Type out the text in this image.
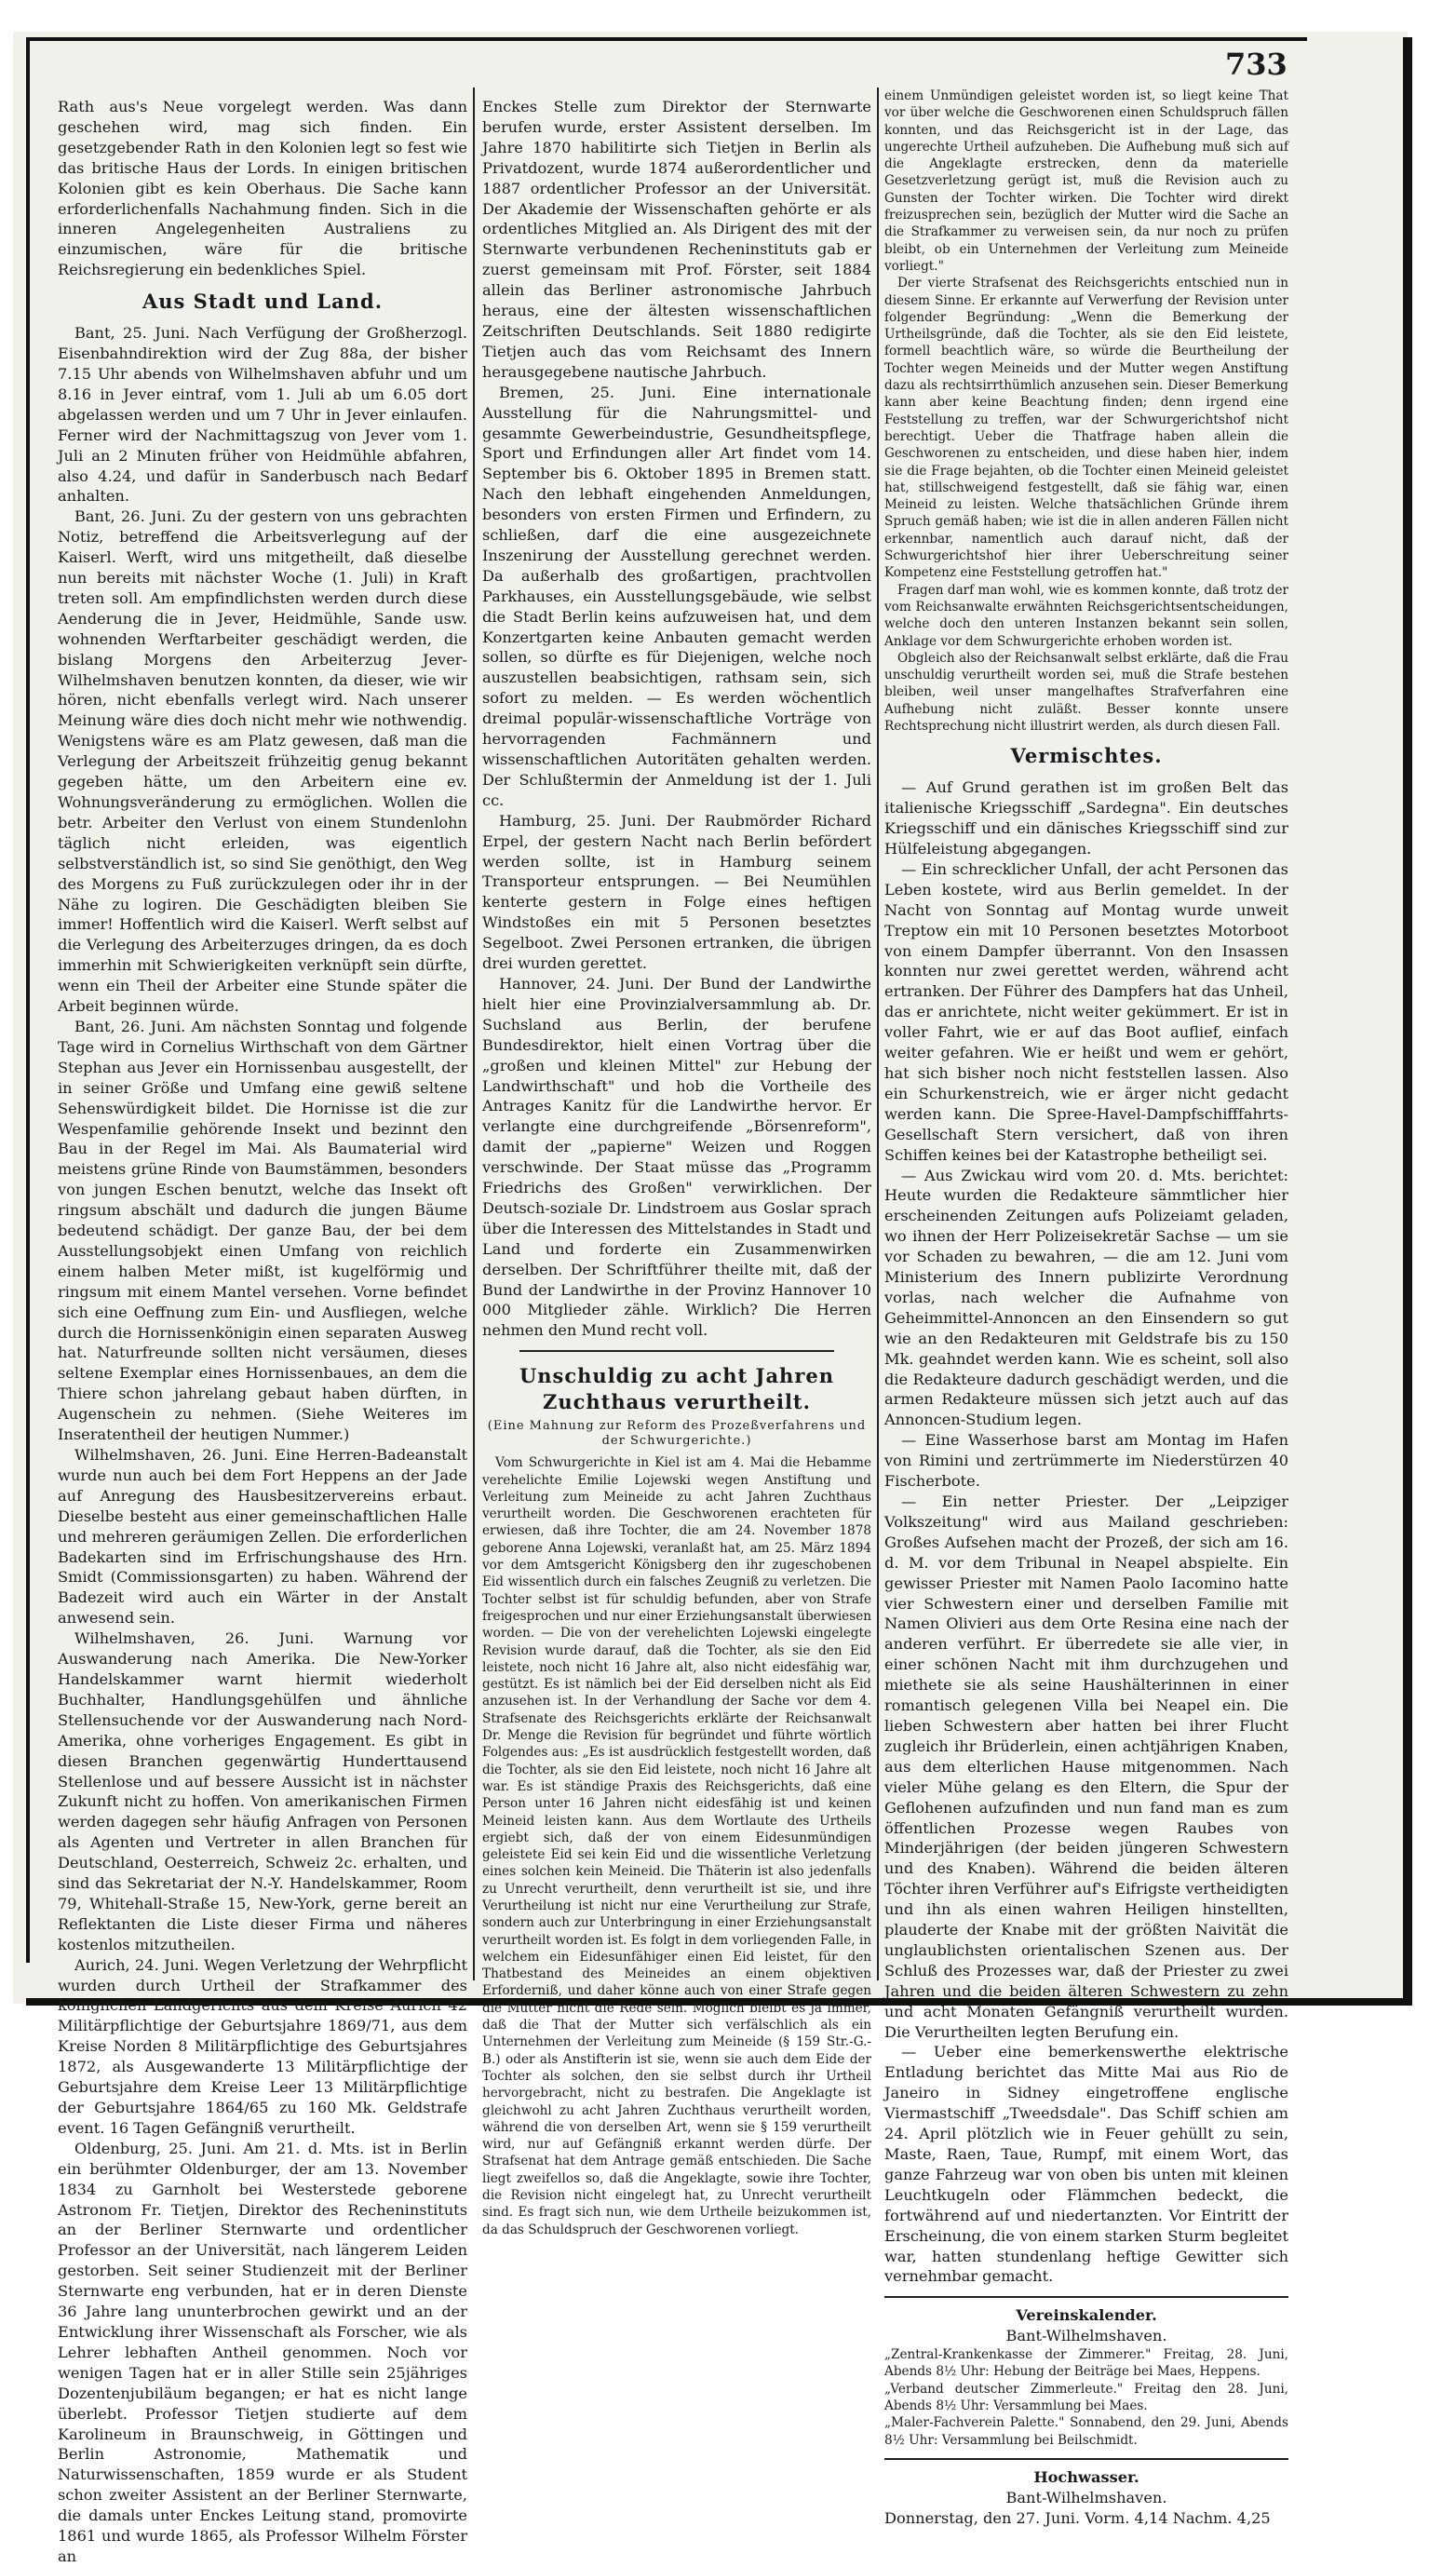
733

Rath aus's Neue vorgelegt werden. Was dann geschehen wird, mag sich finden. Ein gesetzgebender Rath in den Kolonien legt so fest wie das britische Haus der Lords. In einigen britischen Kolonien gibt es kein Oberhaus. Die Sache kann erforderlichenfalls Nachahmung finden. Sich in die inneren Angelegenheiten Australiens zu einzumischen, wäre für die britische Reichsregierung ein bedenkliches Spiel.

Aus Stadt und Land.

Bant, 25. Juni. Nach Verfügung der Großherzogl. Eisenbahndirektion wird der Zug 88a, der bisher 7.15 Uhr abends von Wilhelmshaven abfuhr und um 8.16 in Jever eintraf, vom 1. Juli ab um 6.05 dort abgelassen werden und um 7 Uhr in Jever einlaufen. Ferner wird der Nachmittagszug von Jever vom 1. Juli an 2 Minuten früher von Heidmühle abfahren, also 4.24, und dafür in Sanderbusch nach Bedarf anhalten.

Bant, 26. Juni. Zu der gestern von uns gebrachten Notiz, betreffend die Arbeitsverlegung auf der Kaiserl. Werft, wird uns mitgetheilt, daß dieselbe nun bereits mit nächster Woche (1. Juli) in Kraft treten soll. Am empfindlichsten werden durch diese Aenderung die in Jever, Heidmühle, Sande usw. wohnenden Werftarbeiter geschädigt werden, die bislang Morgens den Arbeiterzug Jever-Wilhelmshaven benutzen konnten, da dieser, wie wir hören, nicht ebenfalls verlegt wird. Nach unserer Meinung wäre dies doch nicht mehr wie nothwendig. Wenigstens wäre es am Platz gewesen, daß man die Verlegung der Arbeitszeit frühzeitig genug bekannt gegeben hätte, um den Arbeitern eine ev. Wohnungsveränderung zu ermöglichen. Wollen die betr. Arbeiter den Verlust von einem Stundenlohn täglich nicht erleiden, was eigentlich selbstverständlich ist, so sind Sie genöthigt, den Weg des Morgens zu Fuß zurückzulegen oder ihr in der Nähe zu logiren. Die Geschädigten bleiben Sie immer! Hoffentlich wird die Kaiserl. Werft selbst auf die Verlegung des Arbeiterzuges dringen, da es doch immerhin mit Schwierigkeiten verknüpft sein dürfte, wenn ein Theil der Arbeiter eine Stunde später die Arbeit beginnen würde.

Bant, 26. Juni. Am nächsten Sonntag und folgende Tage wird in Cornelius Wirthschaft von dem Gärtner Stephan aus Jever ein Hornissenbau ausgestellt, der in seiner Größe und Umfang eine gewiß seltene Sehenswürdigkeit bildet. Die Hornisse ist die zur Wespenfamilie gehörende Insekt und bezinnt den Bau in der Regel im Mai. Als Baumaterial wird meistens grüne Rinde von Baumstämmen, besonders von jungen Eschen benutzt, welche das Insekt oft ringsum abschält und dadurch die jungen Bäume bedeutend schädigt. Der ganze Bau, der bei dem Ausstellungsobjekt einen Umfang von reichlich einem halben Meter mißt, ist kugelförmig und ringsum mit einem Mantel versehen. Vorne befindet sich eine Oeffnung zum Ein- und Ausfliegen, welche durch die Hornissenkönigin einen separaten Ausweg hat. Naturfreunde sollten nicht versäumen, dieses seltene Exemplar eines Hornissenbaues, an dem die Thiere schon jahrelang gebaut haben dürften, in Augenschein zu nehmen. (Siehe Weiteres im Inseratentheil der heutigen Nummer.)

Wilhelmshaven, 26. Juni. Eine Herren-Badeanstalt wurde nun auch bei dem Fort Heppens an der Jade auf Anregung des Hausbesitzervereins erbaut. Dieselbe besteht aus einer gemeinschaftlichen Halle und mehreren geräumigen Zellen. Die erforderlichen Badekarten sind im Erfrischungshause des Hrn. Smidt (Commissionsgarten) zu haben. Während der Badezeit wird auch ein Wärter in der Anstalt anwesend sein.

Wilhelmshaven, 26. Juni. Warnung vor Auswanderung nach Amerika. Die New-Yorker Handelskammer warnt hiermit wiederholt Buchhalter, Handlungsgehülfen und ähnliche Stellensuchende vor der Auswanderung nach Nord-Amerika, ohne vorheriges Engagement. Es gibt in diesen Branchen gegenwärtig Hunderttausend Stellenlose und auf bessere Aussicht ist in nächster Zukunft nicht zu hoffen. Von amerikanischen Firmen werden dagegen sehr häufig Anfragen von Personen als Agenten und Vertreter in allen Branchen für Deutschland, Oesterreich, Schweiz 2c. erhalten, und sind das Sekretariat der N.-Y. Handelskammer, Room 79, Whitehall-Straße 15, New-York, gerne bereit an Reflektanten die Liste dieser Firma und näheres kostenlos mitzutheilen.

Aurich, 24. Juni. Wegen Verletzung der Wehrpflicht wurden durch Urtheil der Strafkammer des königlichen Landgerichts aus dem Kreise Aurich 42 Militärpflichtige der Geburtsjahre 1869/71, aus dem Kreise Norden 8 Militärpflichtige des Geburtsjahres 1872, als Ausgewanderte 13 Militärpflichtige der Geburtsjahre dem Kreise Leer 13 Militärpflichtige der Geburtsjahre 1864/65 zu 160 Mk. Geldstrafe event. 16 Tagen Gefängniß verurtheilt.

Oldenburg, 25. Juni. Am 21. d. Mts. ist in Berlin ein berühmter Oldenburger, der am 13. November 1834 zu Garnholt bei Westerstede geborene Astronom Fr. Tietjen, Direktor des Recheninstituts an der Berliner Sternwarte und ordentlicher Professor an der Universität, nach längerem Leiden gestorben. Seit seiner Studienzeit mit der Berliner Sternwarte eng verbunden, hat er in deren Dienste 36 Jahre lang ununterbrochen gewirkt und an der Entwicklung ihrer Wissenschaft als Forscher, wie als Lehrer lebhaften Antheil genommen. Noch vor wenigen Tagen hat er in aller Stille sein 25jähriges Dozentenjubiläum begangen; er hat es nicht lange überlebt. Professor Tietjen studierte auf dem Karolineum in Braunschweig, in Göttingen und Berlin Astronomie, Mathematik und Naturwissenschaften, 1859 wurde er als Student schon zweiter Assistent an der Berliner Sternwarte, die damals unter Enckes Leitung stand, promovirte 1861 und wurde 1865, als Professor Wilhelm Förster an

Enckes Stelle zum Direktor der Sternwarte berufen wurde, erster Assistent derselben. Im Jahre 1870 habilitirte sich Tietjen in Berlin als Privatdozent, wurde 1874 außerordentlicher und 1887 ordentlicher Professor an der Universität. Der Akademie der Wissenschaften gehörte er als ordentliches Mitglied an. Als Dirigent des mit der Sternwarte verbundenen Recheninstituts gab er zuerst gemeinsam mit Prof. Förster, seit 1884 allein das Berliner astronomische Jahrbuch heraus, eine der ältesten wissenschaftlichen Zeitschriften Deutschlands. Seit 1880 redigirte Tietjen auch das vom Reichsamt des Innern herausgegebene nautische Jahrbuch.

Bremen, 25. Juni. Eine internationale Ausstellung für die Nahrungsmittel- und gesammte Gewerbeindustrie, Gesundheitspflege, Sport und Erfindungen aller Art findet vom 14. September bis 6. Oktober 1895 in Bremen statt. Nach den lebhaft eingehenden Anmeldungen, besonders von ersten Firmen und Erfindern, zu schließen, darf die eine ausgezeichnete Inszenirung der Ausstellung gerechnet werden. Da außerhalb des großartigen, prachtvollen Parkhauses, ein Ausstellungsgebäude, wie selbst die Stadt Berlin keins aufzuweisen hat, und dem Konzertgarten keine Anbauten gemacht werden sollen, so dürfte es für Diejenigen, welche noch auszustellen beabsichtigen, rathsam sein, sich sofort zu melden. — Es werden wöchentlich dreimal populär-wissenschaftliche Vorträge von hervorragenden Fachmännern und wissenschaftlichen Autoritäten gehalten werden. Der Schlußtermin der Anmeldung ist der 1. Juli cc.

Hamburg, 25. Juni. Der Raubmörder Richard Erpel, der gestern Nacht nach Berlin befördert werden sollte, ist in Hamburg seinem Transporteur entsprungen. — Bei Neumühlen kenterte gestern in Folge eines heftigen Windstoßes ein mit 5 Personen besetztes Segelboot. Zwei Personen ertranken, die übrigen drei wurden gerettet.

Hannover, 24. Juni. Der Bund der Landwirthe hielt hier eine Provinzialversammlung ab. Dr. Suchsland aus Berlin, der berufene Bundesdirektor, hielt einen Vortrag über die „großen und kleinen Mittel" zur Hebung der Landwirthschaft" und hob die Vortheile des Antrages Kanitz für die Landwirthe hervor. Er verlangte eine durchgreifende „Börsenreform", damit der „papierne" Weizen und Roggen verschwinde. Der Staat müsse das „Programm Friedrichs des Großen" verwirklichen. Der Deutsch-soziale Dr. Lindstroem aus Goslar sprach über die Interessen des Mittelstandes in Stadt und Land und forderte ein Zusammenwirken derselben. Der Schriftführer theilte mit, daß der Bund der Landwirthe in der Provinz Hannover 10 000 Mitglieder zähle. Wirklich? Die Herren nehmen den Mund recht voll.

Unschuldig zu acht Jahren Zuchthaus verurtheilt.
(Eine Mahnung zur Reform des Prozeßverfahrens und der Schwurgerichte.)

Vom Schwurgerichte in Kiel ist am 4. Mai die Hebamme verehelichte Emilie Lojewski wegen Anstiftung und Verleitung zum Meineide zu acht Jahren Zuchthaus verurtheilt worden. Die Geschworenen erachteten für erwiesen, daß ihre Tochter, die am 24. November 1878 geborene Anna Lojewski, veranlaßt hat, am 25. März 1894 vor dem Amtsgericht Königsberg den ihr zugeschobenen Eid wissentlich durch ein falsches Zeugniß zu verletzen. Die Tochter selbst ist für schuldig befunden, aber von Strafe freigesprochen und nur einer Erziehungsanstalt überwiesen worden. — Die von der verehelichten Lojewski eingelegte Revision wurde darauf, daß die Tochter, als sie den Eid leistete, noch nicht 16 Jahre alt, also nicht eidesfähig war, gestützt. Es ist nämlich bei der Eid derselben nicht als Eid anzusehen ist. In der Verhandlung der Sache vor dem 4. Strafsenate des Reichsgerichts erklärte der Reichsanwalt Dr. Menge die Revision für begründet und führte wörtlich Folgendes aus: „Es ist ausdrücklich festgestellt worden, daß die Tochter, als sie den Eid leistete, noch nicht 16 Jahre alt war. Es ist ständige Praxis des Reichsgerichts, daß eine Person unter 16 Jahren nicht eidesfähig ist und keinen Meineid leisten kann. Aus dem Wortlaute des Urtheils ergiebt sich, daß der von einem Eidesunmündigen geleistete Eid sei kein Eid und die wissentliche Verletzung eines solchen kein Meineid. Die Thäterin ist also jedenfalls zu Unrecht verurtheilt, denn verurtheilt ist sie, und ihre Verurtheilung ist nicht nur eine Verurtheilung zur Strafe, sondern auch zur Unterbringung in einer Erziehungsanstalt verurtheilt worden ist. Es folgt in dem vorliegenden Falle, in welchem ein Eidesunfähiger einen Eid leistet, für den Thatbestand des Meineides an einem objektiven Erforderniß, und daher könne auch von einer Strafe gegen die Mutter nicht die Rede sein. Möglich bleibt es ja immer, daß die That der Mutter sich verfälschlich als ein Unternehmen der Verleitung zum Meineide (§ 159 Str.-G.-B.) oder als Anstifterin ist sie, wenn sie auch dem Eide der Tochter als solchen, den sie selbst durch ihr Urtheil hervorgebracht, nicht zu bestrafen. Die Angeklagte ist gleichwohl zu acht Jahren Zuchthaus verurtheilt worden, während die von derselben Art, wenn sie § 159 verurtheilt wird, nur auf Gefängniß erkannt werden dürfe. Der Strafsenat hat dem Antrage gemäß entschieden. Die Sache liegt zweifellos so, daß die Angeklagte, sowie ihre Tochter, die Revision nicht eingelegt hat, zu Unrecht verurtheilt sind. Es fragt sich nun, wie dem Urtheile beizukommen ist, da das Schuldspruch der Geschworenen vorliegt.

einem Unmündigen geleistet worden ist, so liegt keine That vor über welche die Geschworenen einen Schuldspruch fällen konnten, und das Reichsgericht ist in der Lage, das ungerechte Urtheil aufzuheben. Die Aufhebung muß sich auf die Angeklagte erstrecken, denn da materielle Gesetzverletzung gerügt ist, muß die Revision auch zu Gunsten der Tochter wirken. Die Tochter wird direkt freizusprechen sein, bezüglich der Mutter wird die Sache an die Strafkammer zu verweisen sein, da nur noch zu prüfen bleibt, ob ein Unternehmen der Verleitung zum Meineide vorliegt."

Der vierte Strafsenat des Reichsgerichts entschied nun in diesem Sinne. Er erkannte auf Verwerfung der Revision unter folgender Begründung: „Wenn die Bemerkung der Urtheilsgründe, daß die Tochter, als sie den Eid leistete, formell beachtlich wäre, so würde die Beurtheilung der Tochter wegen Meineids und der Mutter wegen Anstiftung dazu als rechtsirrthümlich anzusehen sein. Dieser Bemerkung kann aber keine Beachtung finden; denn irgend eine Feststellung zu treffen, war der Schwurgerichtshof nicht berechtigt. Ueber die Thatfrage haben allein die Geschworenen zu entscheiden, und diese haben hier, indem sie die Frage bejahten, ob die Tochter einen Meineid geleistet hat, stillschweigend festgestellt, daß sie fähig war, einen Meineid zu leisten. Welche thatsächlichen Gründe ihrem Spruch gemäß haben; wie ist die in allen anderen Fällen nicht erkennbar, namentlich auch darauf nicht, daß der Schwurgerichtshof hier ihrer Ueberschreitung seiner Kompetenz eine Feststellung getroffen hat."

Fragen darf man wohl, wie es kommen konnte, daß trotz der vom Reichsanwalte erwähnten Reichsgerichtsentscheidungen, welche doch den unteren Instanzen bekannt sein sollen, Anklage vor dem Schwurgerichte erhoben worden ist.

Obgleich also der Reichsanwalt selbst erklärte, daß die Frau unschuldig verurtheilt worden sei, muß die Strafe bestehen bleiben, weil unser mangelhaftes Strafverfahren eine Aufhebung nicht zuläßt. Besser konnte unsere Rechtsprechung nicht illustrirt werden, als durch diesen Fall.

Vermischtes.

— Auf Grund gerathen ist im großen Belt das italienische Kriegsschiff „Sardegna". Ein deutsches Kriegsschiff und ein dänisches Kriegsschiff sind zur Hülfeleistung abgegangen.

— Ein schrecklicher Unfall, der acht Personen das Leben kostete, wird aus Berlin gemeldet. In der Nacht von Sonntag auf Montag wurde unweit Treptow ein mit 10 Personen besetztes Motorboot von einem Dampfer überrannt. Von den Insassen konnten nur zwei gerettet werden, während acht ertranken. Der Führer des Dampfers hat das Unheil, das er anrichtete, nicht weiter gekümmert. Er ist in voller Fahrt, wie er auf das Boot auflief, einfach weiter gefahren. Wie er heißt und wem er gehört, hat sich bisher noch nicht feststellen lassen. Also ein Schurkenstreich, wie er ärger nicht gedacht werden kann. Die Spree-Havel-Dampfschifffahrts-Gesellschaft Stern versichert, daß von ihren Schiffen keines bei der Katastrophe betheiligt sei.

— Aus Zwickau wird vom 20. d. Mts. berichtet: Heute wurden die Redakteure sämmtlicher hier erscheinenden Zeitungen aufs Polizeiamt geladen, wo ihnen der Herr Polizeisekretär Sachse — um sie vor Schaden zu bewahren, — die am 12. Juni vom Ministerium des Innern publizirte Verordnung vorlas, nach welcher die Aufnahme von Geheimmittel-Annoncen an den Einsendern so gut wie an den Redakteuren mit Geldstrafe bis zu 150 Mk. geahndet werden kann. Wie es scheint, soll also die Redakteure dadurch geschädigt werden, und die armen Redakteure müssen sich jetzt auch auf das Annoncen-Studium legen.

— Eine Wasserhose barst am Montag im Hafen von Rimini und zertrümmerte im Niederstürzen 40 Fischerbote.

— Ein netter Priester. Der „Leipziger Volkszeitung" wird aus Mailand geschrieben: Großes Aufsehen macht der Prozeß, der sich am 16. d. M. vor dem Tribunal in Neapel abspielte. Ein gewisser Priester mit Namen Paolo Iacomino hatte vier Schwestern einer und derselben Familie mit Namen Olivieri aus dem Orte Resina eine nach der anderen verführt. Er überredete sie alle vier, in einer schönen Nacht mit ihm durchzugehen und miethete sie als seine Haushälterinnen in einer romantisch gelegenen Villa bei Neapel ein. Die lieben Schwestern aber hatten bei ihrer Flucht zugleich ihr Brüderlein, einen achtjährigen Knaben, aus dem elterlichen Hause mitgenommen. Nach vieler Mühe gelang es den Eltern, die Spur der Geflohenen aufzufinden und nun fand man es zum öffentlichen Prozesse wegen Raubes von Minderjährigen (der beiden jüngeren Schwestern und des Knaben). Während die beiden älteren Töchter ihren Verführer auf's Eifrigste vertheidigten und ihn als einen wahren Heiligen hinstellten, plauderte der Knabe mit der größten Naivität die unglaublichsten orientalischen Szenen aus. Der Schluß des Prozesses war, daß der Priester zu zwei Jahren und die beiden älteren Schwestern zu zehn und acht Monaten Gefängniß verurtheilt wurden. Die Verurtheilten legten Berufung ein.

— Ueber eine bemerkenswerthe elektrische Entladung berichtet das Mitte Mai aus Rio de Janeiro in Sidney eingetroffene englische Viermastschiff „Tweedsdale". Das Schiff schien am 24. April plötzlich wie in Feuer gehüllt zu sein, Maste, Raen, Taue, Rumpf, mit einem Wort, das ganze Fahrzeug war von oben bis unten mit kleinen Leuchtkugeln oder Flämmchen bedeckt, die fortwährend auf und niedertanzten. Vor Eintritt der Erscheinung, die von einem starken Sturm begleitet war, hatten stundenlang heftige Gewitter sich vernehmbar gemacht.

Vereinskalender.
Bant-Wilhelmshaven.

„Zentral-Krankenkasse der Zimmerer." Freitag, 28. Juni, Abends 8½ Uhr: Hebung der Beiträge bei Maes, Heppens.

„Verband deutscher Zimmerleute." Freitag den 28. Juni, Abends 8½ Uhr: Versammlung bei Maes.

„Maler-Fachverein Palette." Sonnabend, den 29. Juni, Abends 8½ Uhr: Versammlung bei Beilschmidt.

Hochwasser.
Bant-Wilhelmshaven.

Donnerstag, den 27. Juni. Vorm. 4,14 Nachm. 4,25
